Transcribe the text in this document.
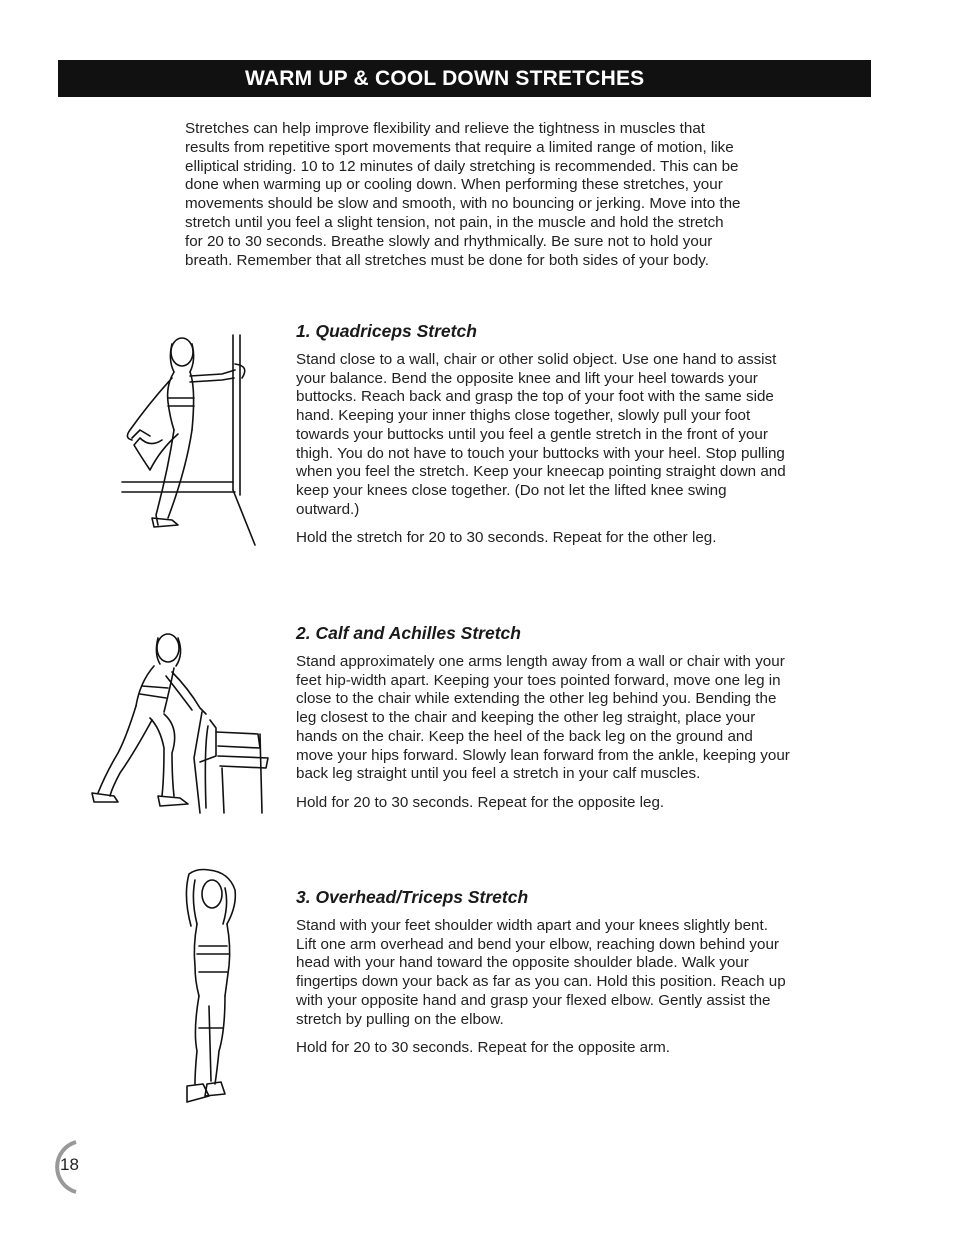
WARM UP & COOL DOWN STRETCHES

Stretches can help improve flexibility and relieve the tightness in muscles that results from repetitive sport movements that require a limited range of motion, like elliptical striding. 10 to 12 minutes of daily stretching is recommended. This can be done when warming up or cooling down. When performing these stretches, your movements should be slow and smooth, with no bouncing or jerking. Move into the stretch until you feel a slight tension, not pain, in the muscle and hold the stretch for 20 to 30 seconds. Breathe slowly and rhythmically. Be sure not to hold your breath. Remember that all stretches must be done for both sides of your body.

1. Quadriceps Stretch

Stand close to a wall, chair or other solid object. Use one hand to assist your balance. Bend the opposite knee and lift your heel towards your buttocks. Reach back and grasp the top of your foot with the same side hand. Keeping your inner thighs close together, slowly pull your foot towards your buttocks until you feel a gentle stretch in the front of your thigh. You do not have to touch your buttocks with your heel. Stop pulling when you feel the stretch. Keep your kneecap pointing straight down and keep your knees close together. (Do not let the lifted knee swing outward.)

Hold the stretch for 20 to 30 seconds. Repeat for the other leg.

2. Calf and Achilles Stretch

Stand approximately one arms length away from a wall or chair with your feet hip-width apart. Keeping your toes pointed forward, move one leg in close to the chair while extending the other leg behind you. Bending the leg closest to the chair and keeping the other leg straight, place your hands on the chair. Keep the heel of the back leg on the ground and move your hips forward. Slowly lean forward from the ankle, keeping your back leg straight until you feel a stretch in your calf muscles.

Hold for 20 to 30 seconds. Repeat for the opposite leg.

3. Overhead/Triceps Stretch

Stand with your feet shoulder width apart and your knees slightly bent. Lift one arm overhead and bend your elbow, reaching down behind your head with your hand toward the opposite shoulder blade. Walk your fingertips down your back as far as you can. Hold this position. Reach up with your opposite hand and grasp your flexed elbow. Gently assist the stretch by pulling on the elbow.

Hold for 20 to 30 seconds. Repeat for the opposite arm.

18
